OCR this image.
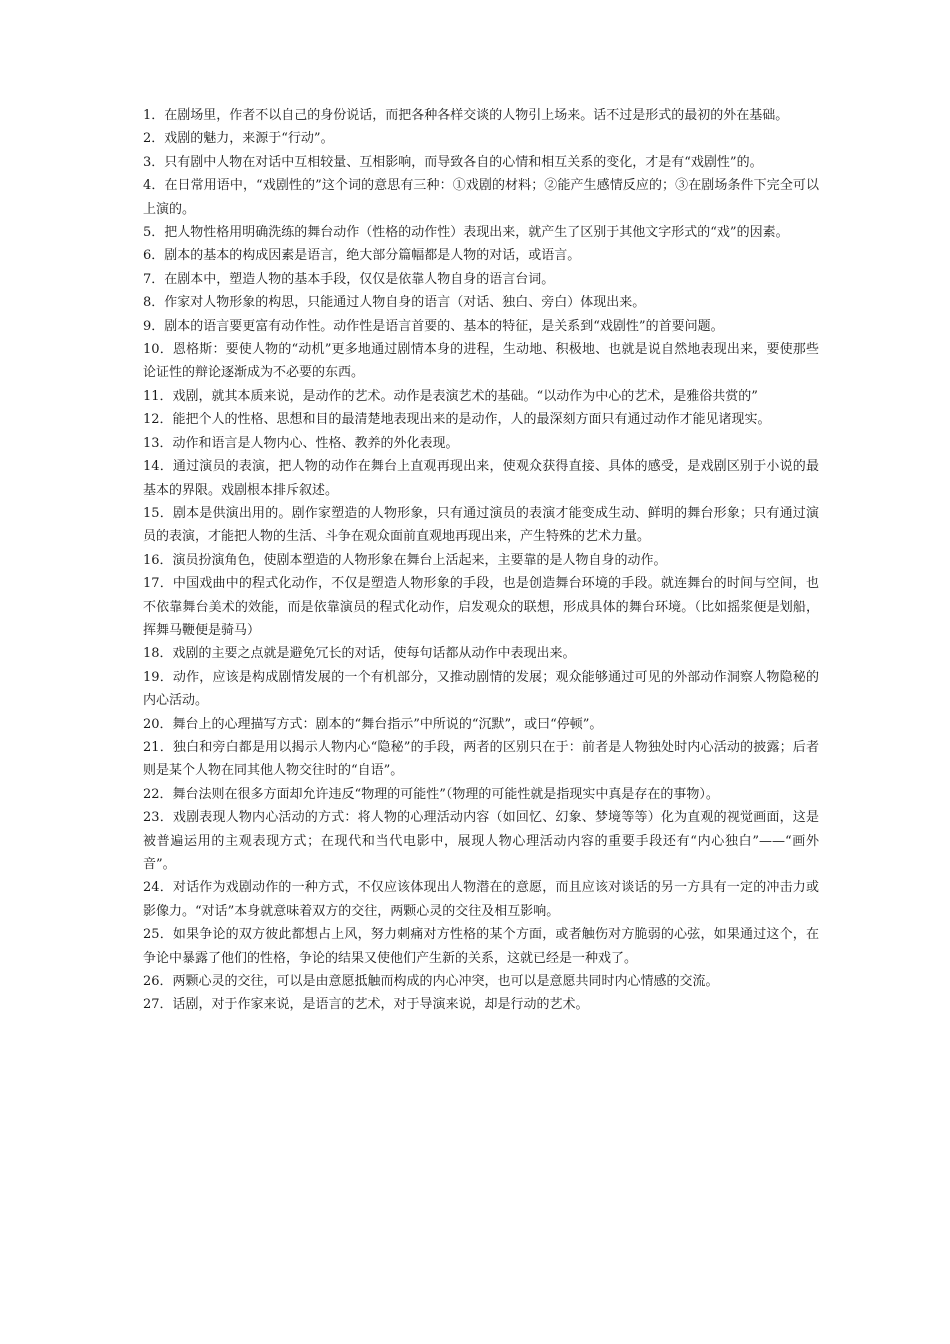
1．在剧场里，作者不以自己的身份说话，而把各种各样交谈的人物引上场来。话不过是形式的最初的外在基础。

2．戏剧的魅力，来源于“行动”。

3．只有剧中人物在对话中互相较量、互相影响，而导致各自的心情和相互关系的变化，才是有“戏剧性”的。

4．在日常用语中，“戏剧性的”这个词的意思有三种：①戏剧的材料；②能产生感情反应的；③在剧场条件下完全可以上演的。

5．把人物性格用明确洗练的舞台动作（性格的动作性）表现出来，就产生了区别于其他文字形式的“戏”的因素。

6．剧本的基本的构成因素是语言，绝大部分篇幅都是人物的对话，或语言。

7．在剧本中，塑造人物的基本手段，仅仅是依靠人物自身的语言台词。

8．作家对人物形象的构思，只能通过人物自身的语言（对话、独白、旁白）体现出来。

9．剧本的语言要更富有动作性。动作性是语言首要的、基本的特征，是关系到“戏剧性”的首要问题。

10．恩格斯：要使人物的“动机”更多地通过剧情本身的进程，生动地、积极地、也就是说自然地表现出来，要使那些论证性的辩论逐渐成为不必要的东西。

11．戏剧，就其本质来说，是动作的艺术。动作是表演艺术的基础。“以动作为中心的艺术，是雅俗共赏的”

12．能把个人的性格、思想和目的最清楚地表现出来的是动作，人的最深刻方面只有通过动作才能见诸现实。

13．动作和语言是人物内心、性格、教养的外化表现。

14．通过演员的表演，把人物的动作在舞台上直观再现出来，使观众获得直接、具体的感受，是戏剧区别于小说的最基本的界限。戏剧根本排斥叙述。

15．剧本是供演出用的。剧作家塑造的人物形象，只有通过演员的表演才能变成生动、鲜明的舞台形象；只有通过演员的表演，才能把人物的生活、斗争在观众面前直观地再现出来，产生特殊的艺术力量。

16．演员扮演角色，使剧本塑造的人物形象在舞台上活起来，主要靠的是人物自身的动作。

17．中国戏曲中的程式化动作，不仅是塑造人物形象的手段，也是创造舞台环境的手段。就连舞台的时间与空间，也不依靠舞台美术的效能，而是依靠演员的程式化动作，启发观众的联想，形成具体的舞台环境。（比如摇浆便是划船，挥舞马鞭便是骑马）

18．戏剧的主要之点就是避免冗长的对话，使每句话都从动作中表现出来。

19．动作，应该是构成剧情发展的一个有机部分，又推动剧情的发展；观众能够通过可见的外部动作洞察人物隐秘的内心活动。

20．舞台上的心理描写方式：剧本的“舞台指示”中所说的“沉默”，或曰“停顿”。

21．独白和旁白都是用以揭示人物内心“隐秘”的手段，两者的区别只在于：前者是人物独处时内心活动的披露；后者则是某个人物在同其他人物交往时的“自语”。

22．舞台法则在很多方面却允许违反“物理的可能性”（物理的可能性就是指现实中真是存在的事物）。

23．戏剧表现人物内心活动的方式：将人物的心理活动内容（如回忆、幻象、梦境等等）化为直观的视觉画面，这是被普遍运用的主观表现方式；在现代和当代电影中，展现人物心理活动内容的重要手段还有“内心独白”——“画外音”。

24．对话作为戏剧动作的一种方式，不仅应该体现出人物潜在的意愿，而且应该对谈话的另一方具有一定的冲击力或影像力。“对话”本身就意味着双方的交往，两颗心灵的交往及相互影响。

25．如果争论的双方彼此都想占上风，努力刺痛对方性格的某个方面，或者触伤对方脆弱的心弦，如果通过这个，在争论中暴露了他们的性格，争论的结果又使他们产生新的关系，这就已经是一种戏了。

26．两颗心灵的交往，可以是由意愿抵触而构成的内心冲突，也可以是意愿共同时内心情感的交流。

27．话剧，对于作家来说，是语言的艺术，对于导演来说，却是行动的艺术。
